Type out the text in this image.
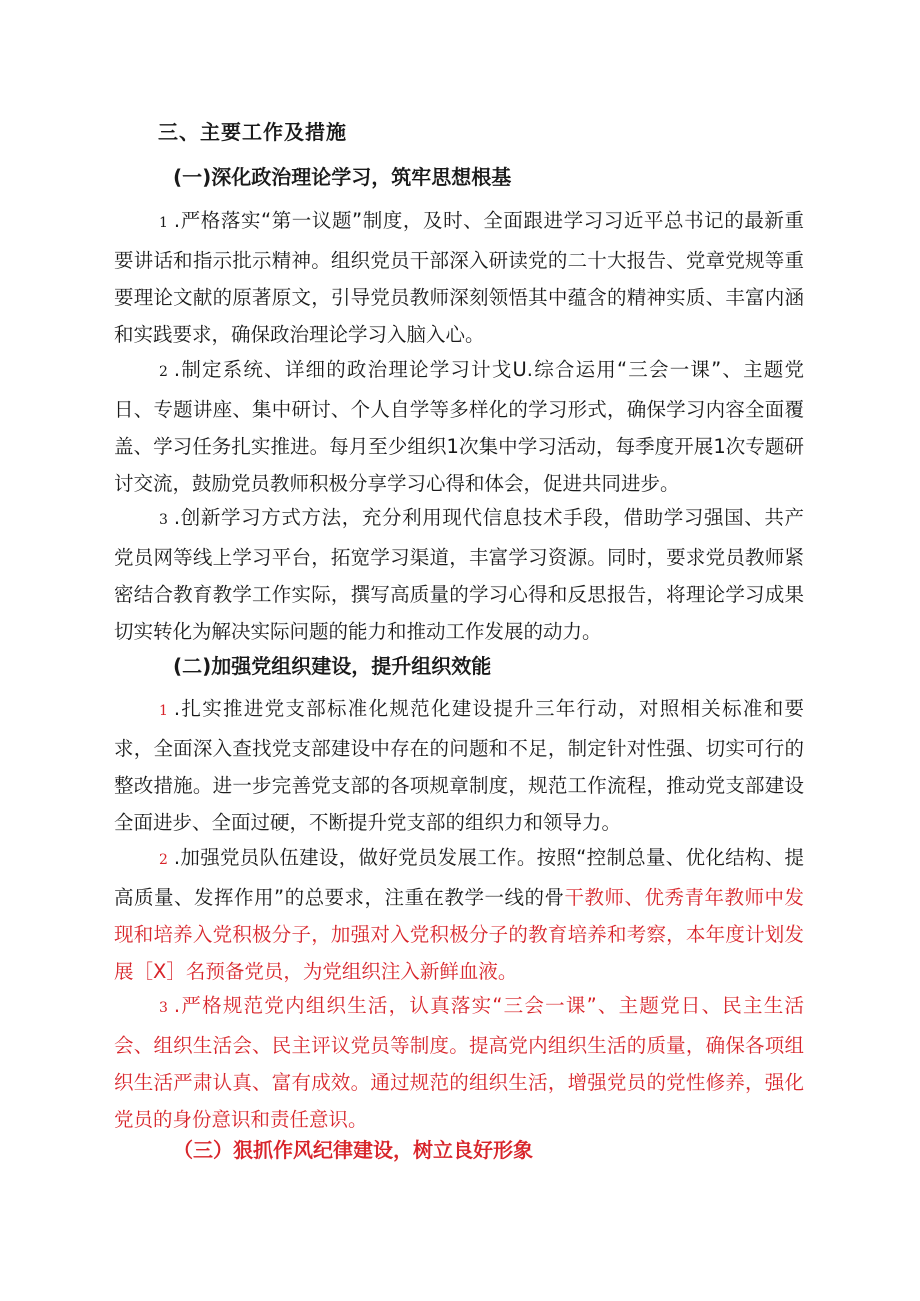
三、主要工作及措施
(一)深化政治理论学习，筑牢思想根基

1 .严格落实“第一议题”制度，及时、全面跟进学习习近平总书记的最新重要讲话和指示批示精神。组织党员干部深入研读党的二十大报告、党章党规等重要理论文献的原著原文，引导党员教师深刻领悟其中蕴含的精神实质、丰富内涵和实践要求，确保政治理论学习入脑入心。

2 .制定系统、详细的政治理论学习计戈U.综合运用“三会一课”、主题党日、专题讲座、集中研讨、个人自学等多样化的学习形式，确保学习内容全面覆盖、学习任务扎实推进。每月至少组织1次集中学习活动，每季度开展1次专题研讨交流，鼓励党员教师积极分享学习心得和体会，促进共同进步。

3 .创新学习方式方法，充分利用现代信息技术手段，借助学习强国、共产党员网等线上学习平台，拓宽学习渠道，丰富学习资源。同时，要求党员教师紧密结合教育教学工作实际，撰写高质量的学习心得和反思报告，将理论学习成果切实转化为解决实际问题的能力和推动工作发展的动力。

(二)加强党组织建设，提升组织效能

1 .扎实推进党支部标准化规范化建设提升三年行动，对照相关标准和要求，全面深入查找党支部建设中存在的问题和不足，制定针对性强、切实可行的整改措施。进一步完善党支部的各项规章制度，规范工作流程，推动党支部建设全面进步、全面过硬，不断提升党支部的组织力和领导力。

2 .加强党员队伍建设，做好党员发展工作。按照“控制总量、优化结构、提高质量、发挥作用”的总要求，注重在教学一线的骨干教师、优秀青年教师中发现和培养入党积极分子，加强对入党积极分子的教育培养和考察，本年度计划发展［X］名预备党员，为党组织注入新鲜血液。

3 .严格规范党内组织生活，认真落实“三会一课”、主题党日、民主生活会、组织生活会、民主评议党员等制度。提高党内组织生活的质量，确保各项组织生活严肃认真、富有成效。通过规范的组织生活，增强党员的党性修养，强化党员的身份意识和责任意识。

（三）狠抓作风纪律建设，树立良好形象
